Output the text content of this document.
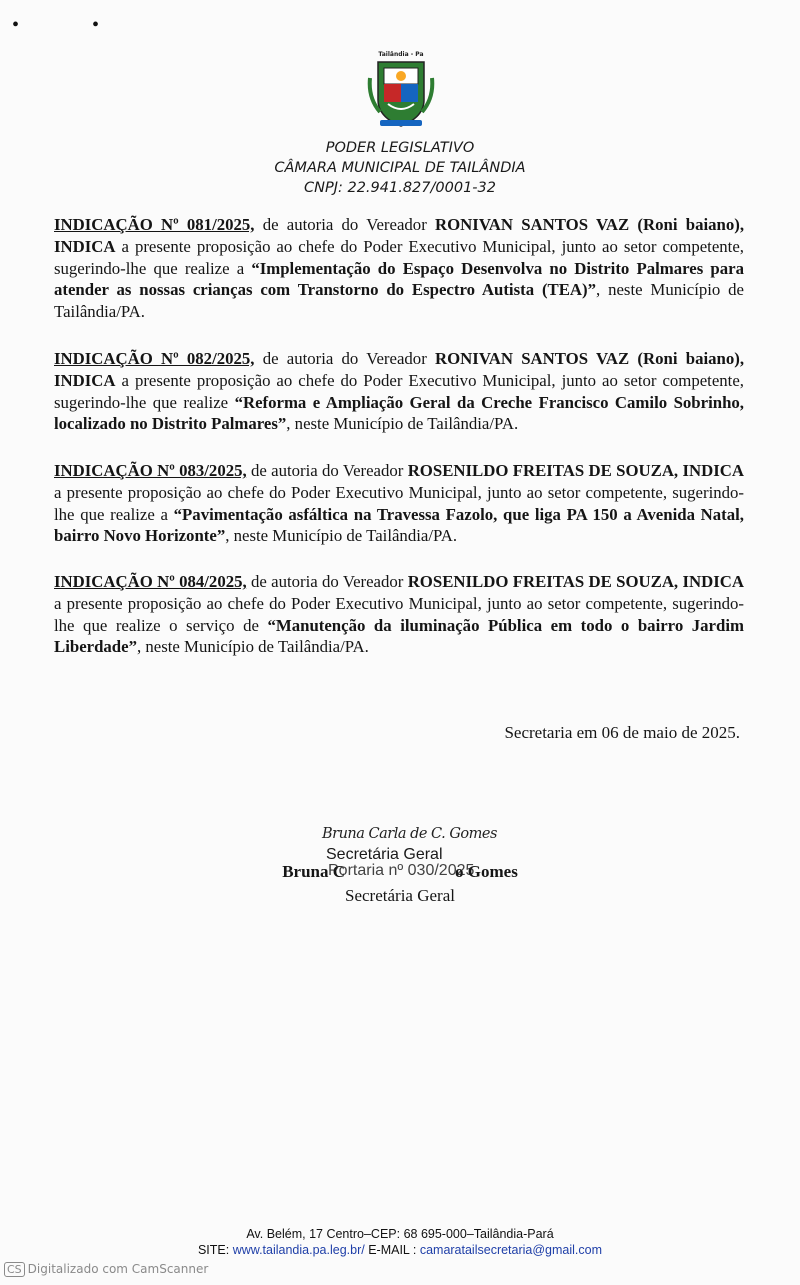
• •
Tailândia - Pa
PODER LEGISLATIVO
CÂMARA MUNICIPAL DE TAILÂNDIA
CNPJ: 22.941.827/0001-32
INDICAÇÃO Nº 081/2025, de autoria do Vereador RONIVAN SANTOS VAZ (Roni baiano), INDICA a presente proposição ao chefe do Poder Executivo Municipal, junto ao setor competente, sugerindo-lhe que realize a “Implementação do Espaço Desenvolva no Distrito Palmares para atender as nossas crianças com Transtorno do Espectro Autista (TEA)”, neste Município de Tailândia/PA.
INDICAÇÃO Nº 082/2025, de autoria do Vereador RONIVAN SANTOS VAZ (Roni baiano), INDICA a presente proposição ao chefe do Poder Executivo Municipal, junto ao setor competente, sugerindo-lhe que realize “Reforma e Ampliação Geral da Creche Francisco Camilo Sobrinho, localizado no Distrito Palmares”, neste Município de Tailândia/PA.
INDICAÇÃO Nº 083/2025, de autoria do Vereador ROSENILDO FREITAS DE SOUZA, INDICA a presente proposição ao chefe do Poder Executivo Municipal, junto ao setor competente, sugerindo-lhe que realize a “Pavimentação asfáltica na Travessa Fazolo, que liga PA 150 a Avenida Natal, bairro Novo Horizonte”, neste Município de Tailândia/PA.
INDICAÇÃO Nº 084/2025, de autoria do Vereador ROSENILDO FREITAS DE SOUZA, INDICA a presente proposição ao chefe do Poder Executivo Municipal, junto ao setor competente, sugerindo-lhe que realize o serviço de “Manutenção da iluminação Pública em todo o bairro Jardim Liberdade”, neste Município de Tailândia/PA.
Secretaria em 06 de maio de 2025.
Bruna Carla de C. Gomes
Secretária Geral
Bruna C	o Gomes
Portaria nº 030/2025
Secretária Geral
Av. Belém, 17 Centro–CEP: 68 695-000–Tailândia-Pará
SITE: www.tailandia.pa.leg.br/ E-MAIL : camaratailsecretaria@gmail.com
CS Digitalizado com CamScanner
